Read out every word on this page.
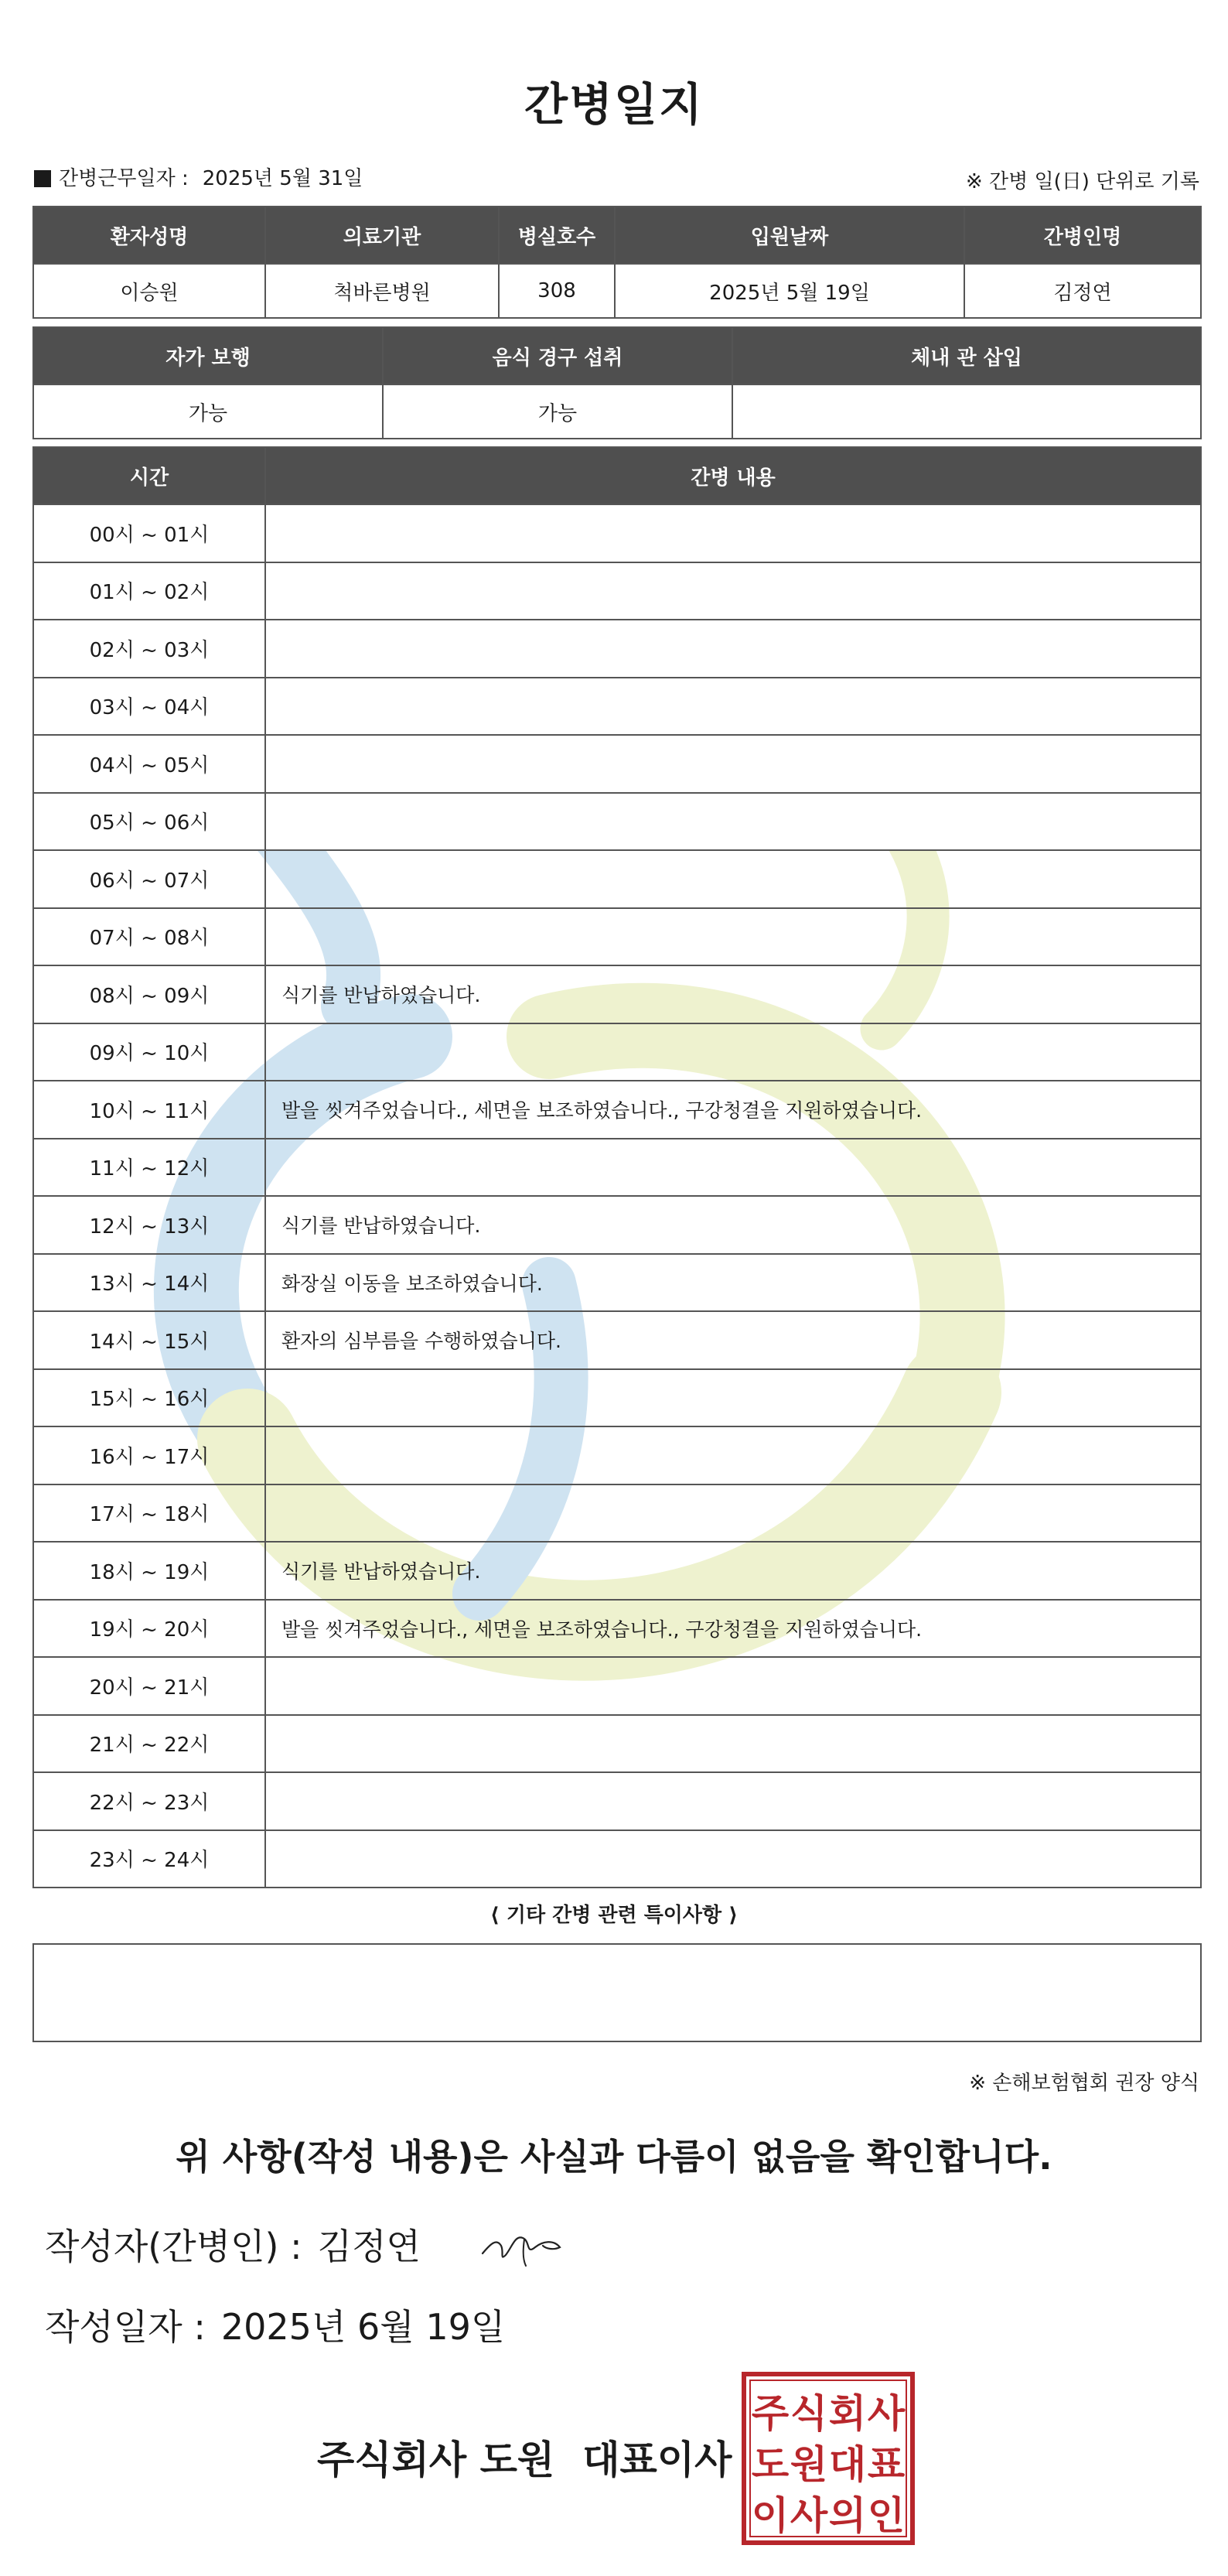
간병일지
간병근무일자 : 2025년 5월 31일	※ 간병 일(日) 단위로 기록
환자성명	의료기관	병실호수	입원날짜	간병인명
이승원	척바른병원	308	2025년 5월 19일	김정연
자가 보행	음식 경구 섭취	체내 관 삽입
가능	가능	
시간	간병 내용
00시 ~ 01시	
01시 ~ 02시	
02시 ~ 03시	
03시 ~ 04시	
04시 ~ 05시	
05시 ~ 06시	
06시 ~ 07시	
07시 ~ 08시	
08시 ~ 09시	식기를 반납하였습니다.
09시 ~ 10시	
10시 ~ 11시	발을 씻겨주었습니다., 세면을 보조하였습니다., 구강청결을 지원하였습니다.
11시 ~ 12시	
12시 ~ 13시	식기를 반납하였습니다.
13시 ~ 14시	화장실 이동을 보조하였습니다.
14시 ~ 15시	환자의 심부름을 수행하였습니다.
15시 ~ 16시	
16시 ~ 17시	
17시 ~ 18시	
18시 ~ 19시	식기를 반납하였습니다.
19시 ~ 20시	발을 씻겨주었습니다., 세면을 보조하였습니다., 구강청결을 지원하였습니다.
20시 ~ 21시	
21시 ~ 22시	
22시 ~ 23시	
23시 ~ 24시	
⟨ 기타 간병 관련 특이사항 ⟩
※ 손해보험협회 권장 양식
위 사항(작성 내용)은 사실과 다름이 없음을 확인합니다.
작성자(간병인) : 김정연
작성일자 : 2025년 6월 19일
주식회사 도원 대표이사
주 식 회 사
도 원 대 표
이 사 의 인
